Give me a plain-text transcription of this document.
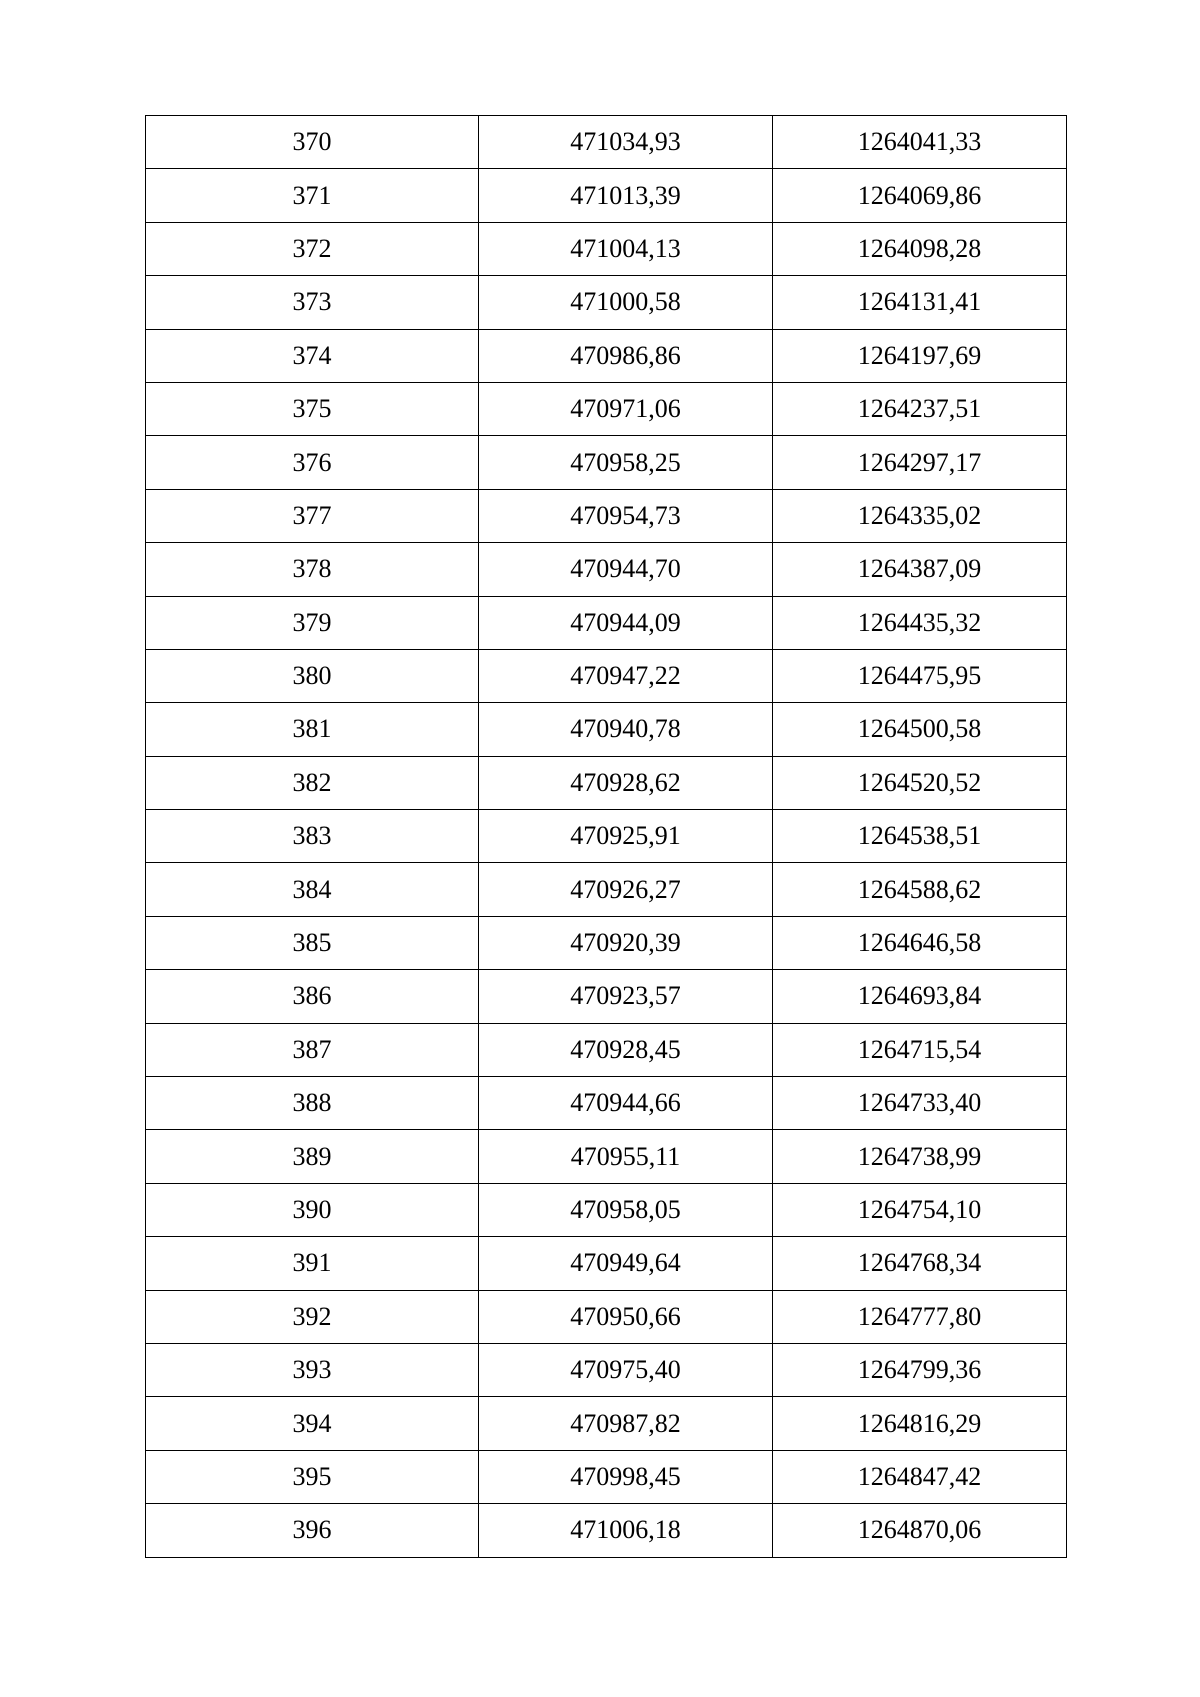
370	471034,93	1264041,33
371	471013,39	1264069,86
372	471004,13	1264098,28
373	471000,58	1264131,41
374	470986,86	1264197,69
375	470971,06	1264237,51
376	470958,25	1264297,17
377	470954,73	1264335,02
378	470944,70	1264387,09
379	470944,09	1264435,32
380	470947,22	1264475,95
381	470940,78	1264500,58
382	470928,62	1264520,52
383	470925,91	1264538,51
384	470926,27	1264588,62
385	470920,39	1264646,58
386	470923,57	1264693,84
387	470928,45	1264715,54
388	470944,66	1264733,40
389	470955,11	1264738,99
390	470958,05	1264754,10
391	470949,64	1264768,34
392	470950,66	1264777,80
393	470975,40	1264799,36
394	470987,82	1264816,29
395	470998,45	1264847,42
396	471006,18	1264870,06
